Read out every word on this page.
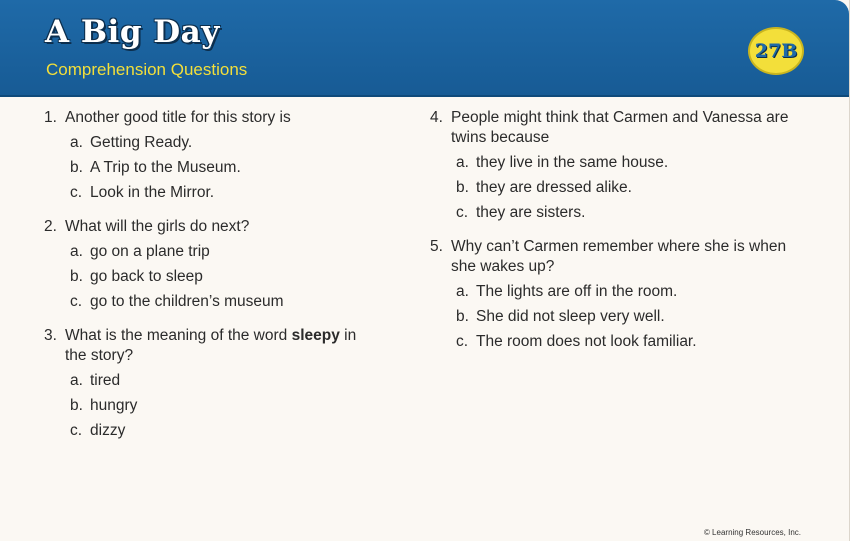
A Big Day
Comprehension Questions
27B
1. Another good title for this story is
a. Getting Ready.
b. A Trip to the Museum.
c. Look in the Mirror.
2. What will the girls do next?
a. go on a plane trip
b. go back to sleep
c. go to the children’s museum
3. What is the meaning of the word sleepy in the story?
a. tired
b. hungry
c. dizzy
4. People might think that Carmen and Vanessa are twins because
a. they live in the same house.
b. they are dressed alike.
c. they are sisters.
5. Why can’t Carmen remember where she is when she wakes up?
a. The lights are off in the room.
b. She did not sleep very well.
c. The room does not look familiar.
© Learning Resources, Inc.
